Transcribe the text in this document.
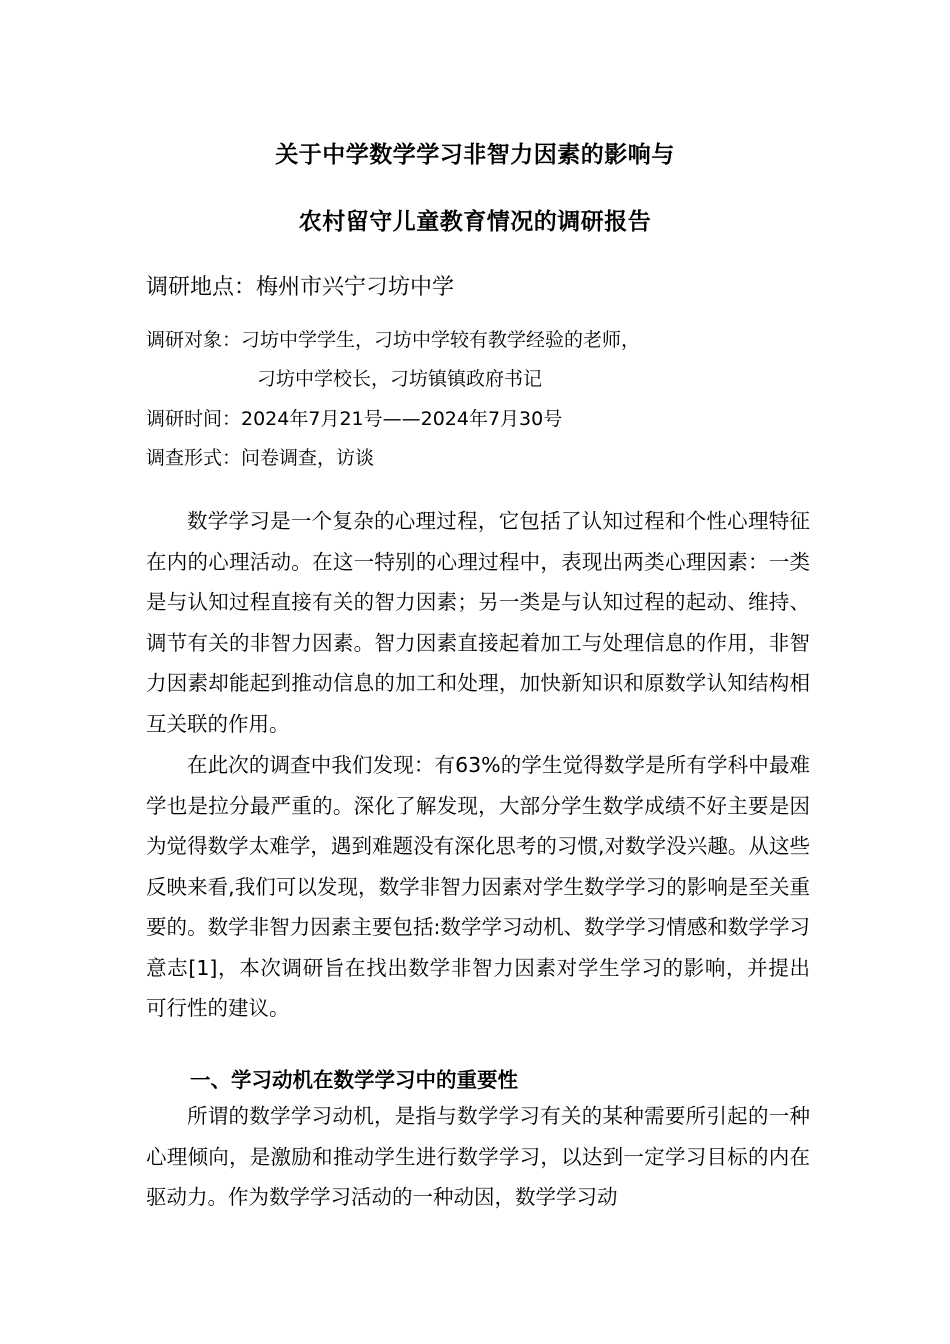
关于中学数学学习非智力因素的影响与
农村留守儿童教育情况的调研报告

调研地点：梅州市兴宁刁坊中学

调研对象：刁坊中学学生，刁坊中学较有教学经验的老师，

刁坊中学校长，刁坊镇镇政府书记

调研时间：2024年7月21号——2024年7月30号

调查形式：问卷调查，访谈

数学学习是一个复杂的心理过程，它包括了认知过程和个性心理特征在内的心理活动。在这一特别的心理过程中，表现出两类心理因素：一类是与认知过程直接有关的智力因素；另一类是与认知过程的起动、维持、调节有关的非智力因素。智力因素直接起着加工与处理信息的作用，非智力因素却能起到推动信息的加工和处理，加快新知识和原数学认知结构相互关联的作用。

在此次的调查中我们发现：有63%的学生觉得数学是所有学科中最难学也是拉分最严重的。深化了解发现，大部分学生数学成绩不好主要是因为觉得数学太难学，遇到难题没有深化思考的习惯,对数学没兴趣。从这些反映来看,我们可以发现，数学非智力因素对学生数学学习的影响是至关重要的。数学非智力因素主要包括:数学学习动机、数学学习情感和数学学习意志[1]，本次调研旨在找出数学非智力因素对学生学习的影响，并提出可行性的建议。

一、学习动机在数学学习中的重要性

所谓的数学学习动机，是指与数学学习有关的某种需要所引起的一种心理倾向，是激励和推动学生进行数学学习，以达到一定学习目标的内在驱动力。作为数学学习活动的一种动因，数学学习动
